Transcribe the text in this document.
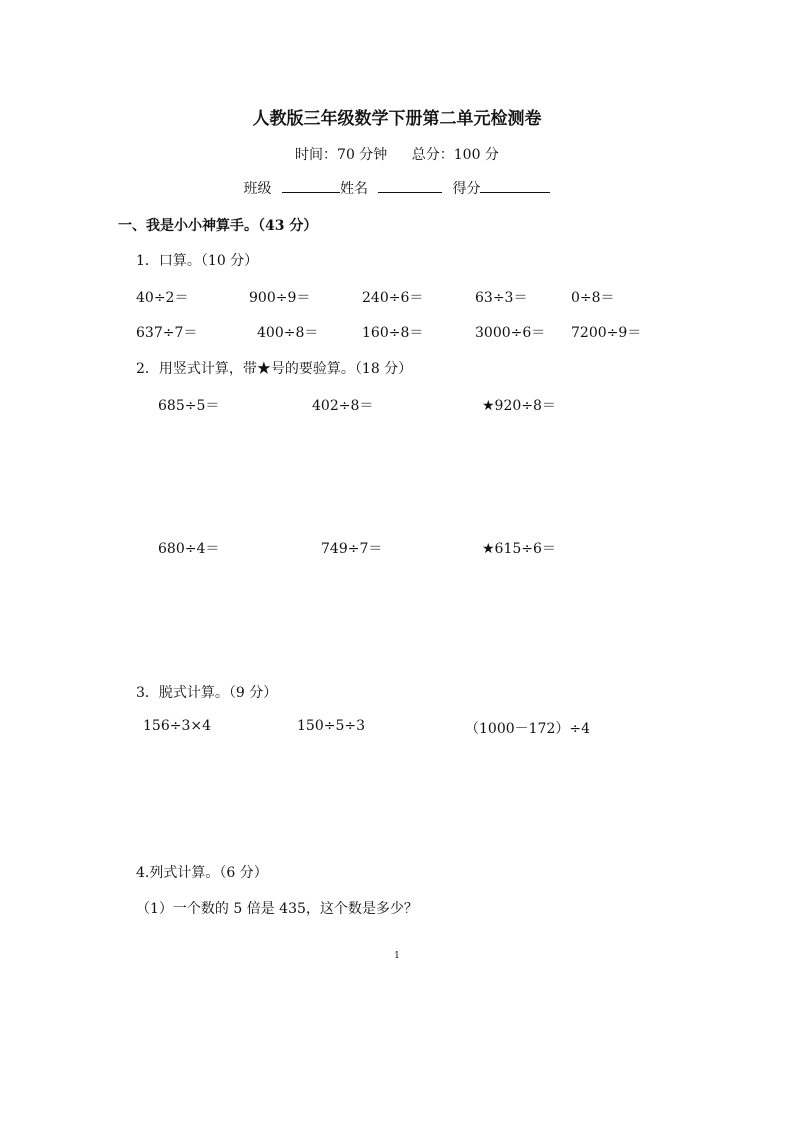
人教版三年级数学下册第二单元检测卷
时间：70 分钟 总分：100 分
班级	姓名	得分
一、我是小小神算手。（43 分）
1．口算。（10 分）
40÷2＝	900÷9＝	240÷6＝	63÷3＝	0÷8＝
637÷7＝	400÷8＝	160÷8＝	3000÷6＝ 7200÷9＝
2．用竖式计算，带★号的要验算。（18 分）
685÷5＝	402÷8＝	★920÷8＝
680÷4＝	749÷7＝	★615÷6＝
3．脱式计算。（9 分）
156÷3×4	150÷5÷3	（1000－172）÷4
4.列式计算。（6 分）
（1）一个数的 5 倍是 435，这个数是多少？
1
